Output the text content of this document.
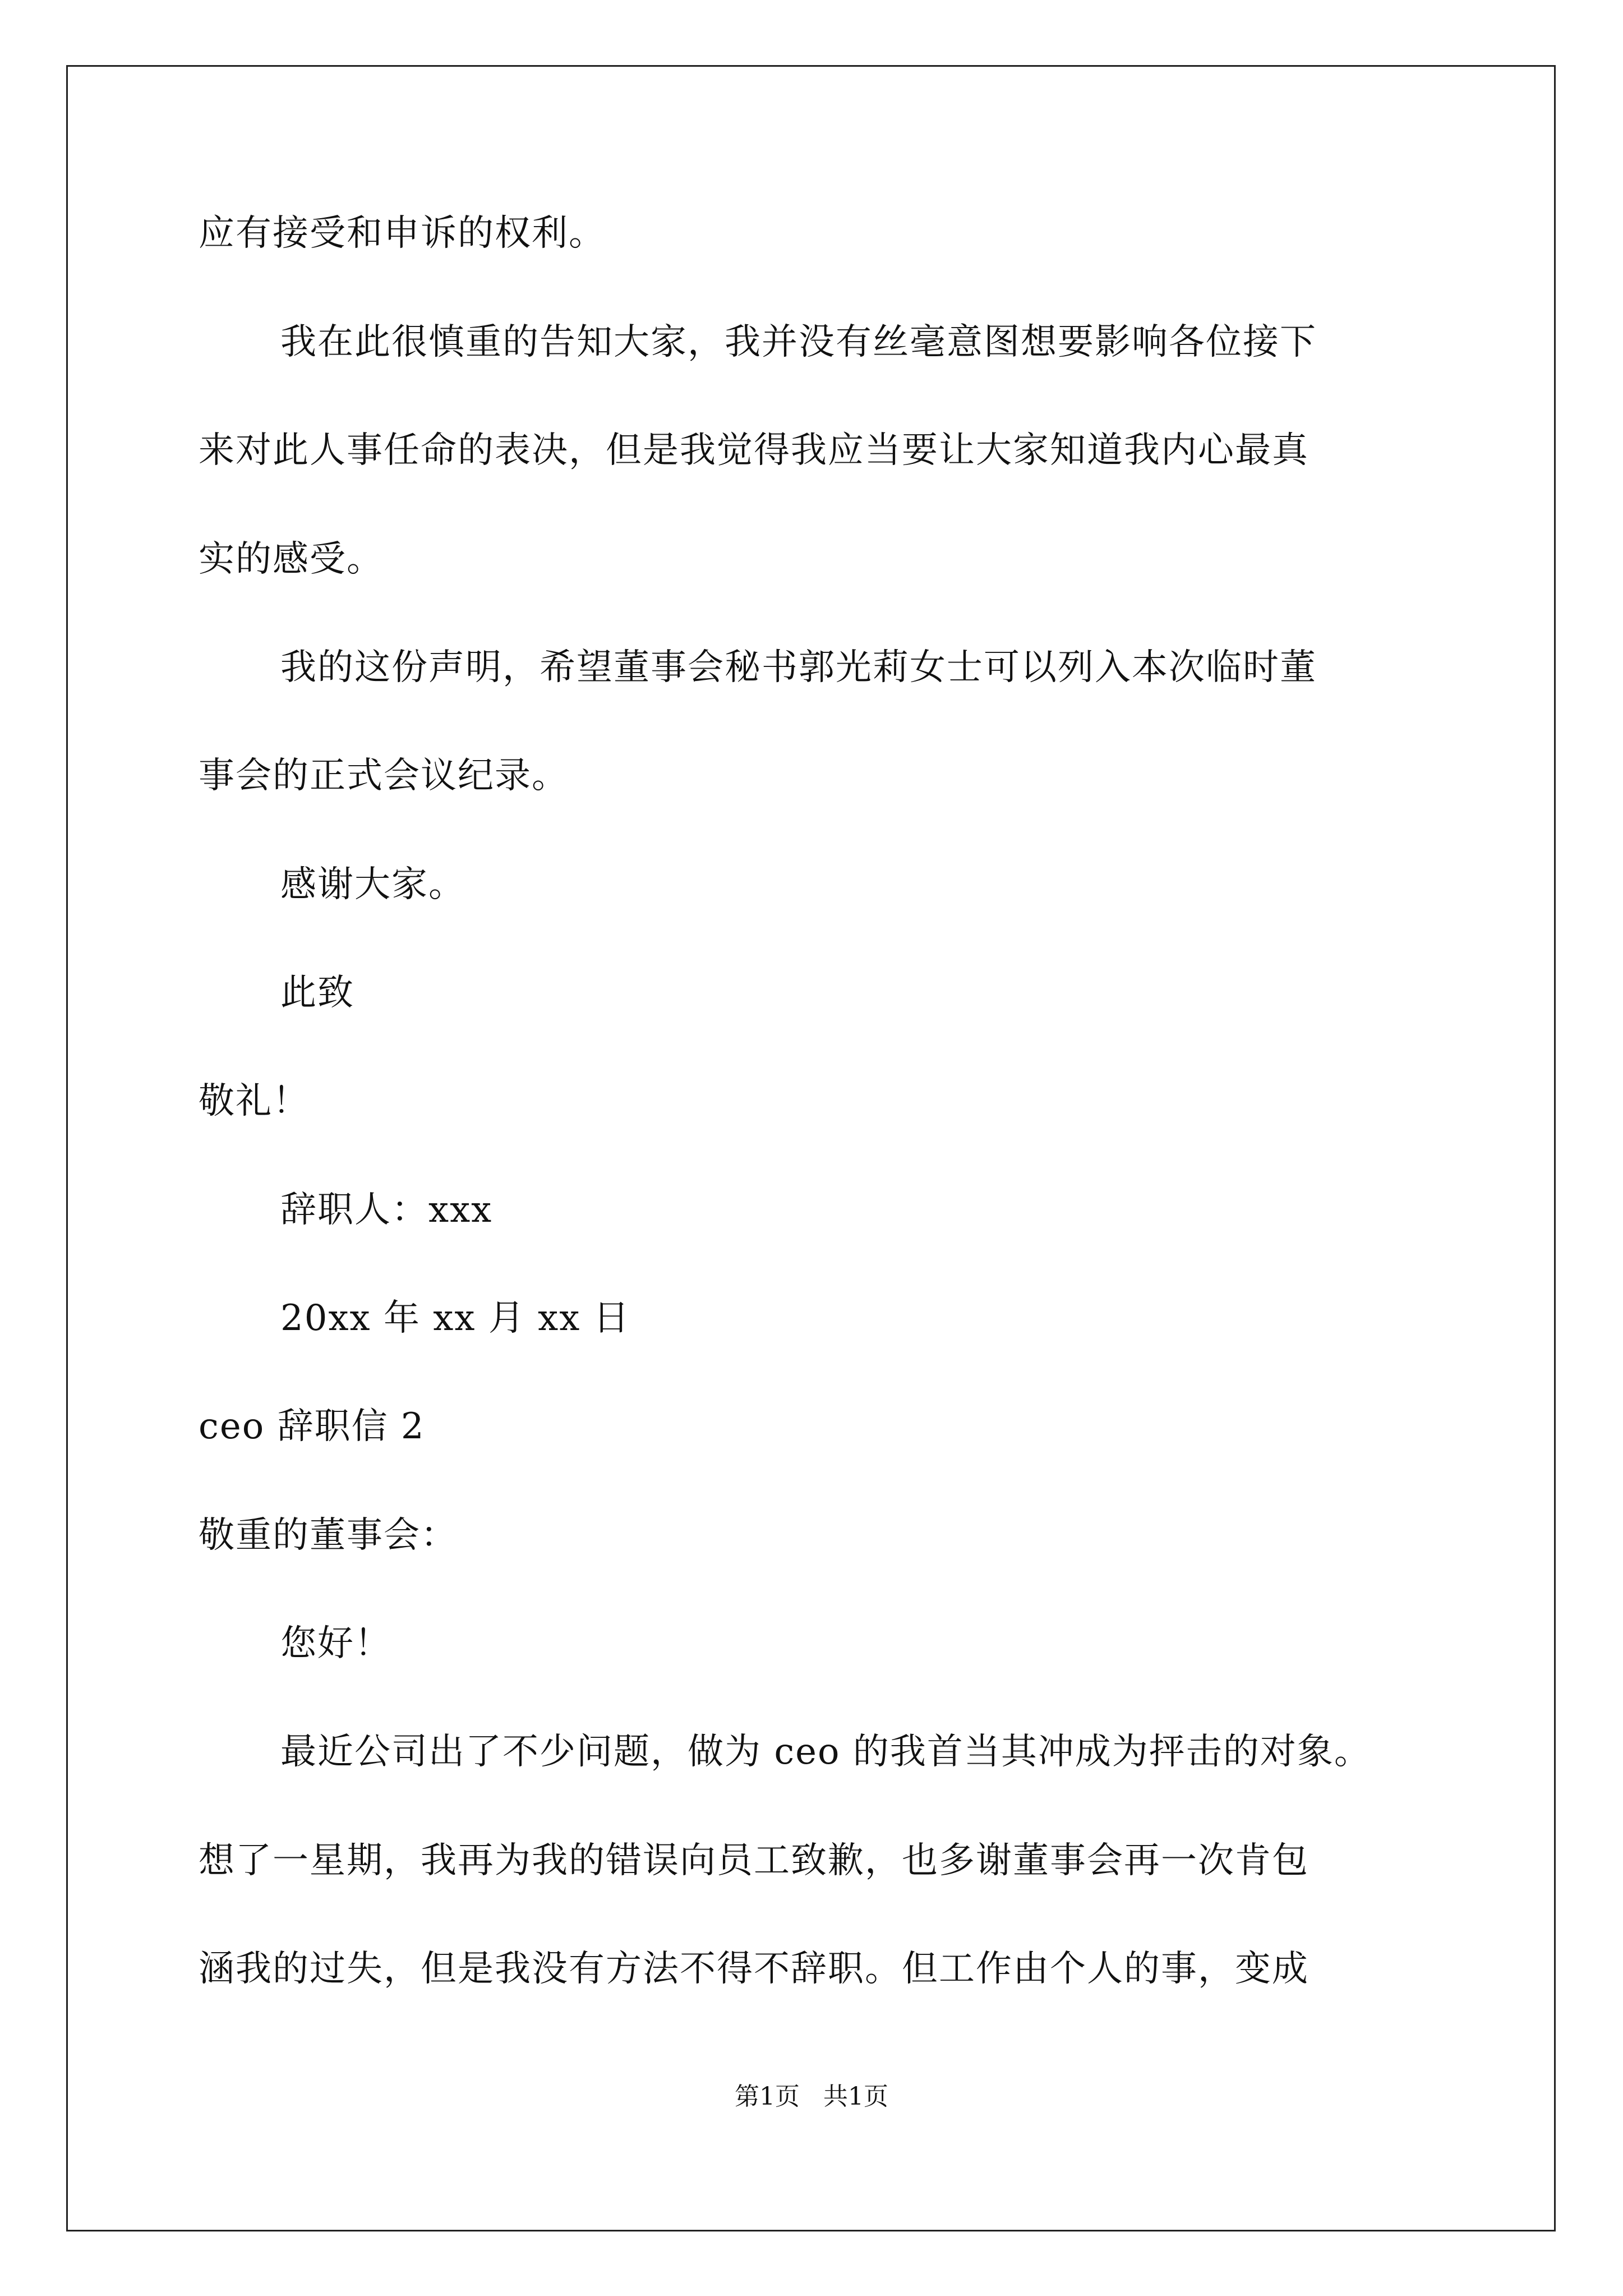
应有接受和申诉的权利。
我在此很慎重的告知大家，我并没有丝毫意图想要影响各位接下
来对此人事任命的表决，但是我觉得我应当要让大家知道我内心最真
实的感受。
我的这份声明，希望董事会秘书郭光莉女士可以列入本次临时董
事会的正式会议纪录。
感谢大家。
此致
敬礼！
辞职人：xxx
20xx 年 xx 月 xx 日
ceo 辞职信 2
敬重的董事会：
您好！
最近公司出了不少问题，做为 ceo 的我首当其冲成为抨击的对象。
想了一星期，我再为我的错误向员工致歉，也多谢董事会再一次肯包
涵我的过失，但是我没有方法不得不辞职。但工作由个人的事，变成
第1页   共1页
